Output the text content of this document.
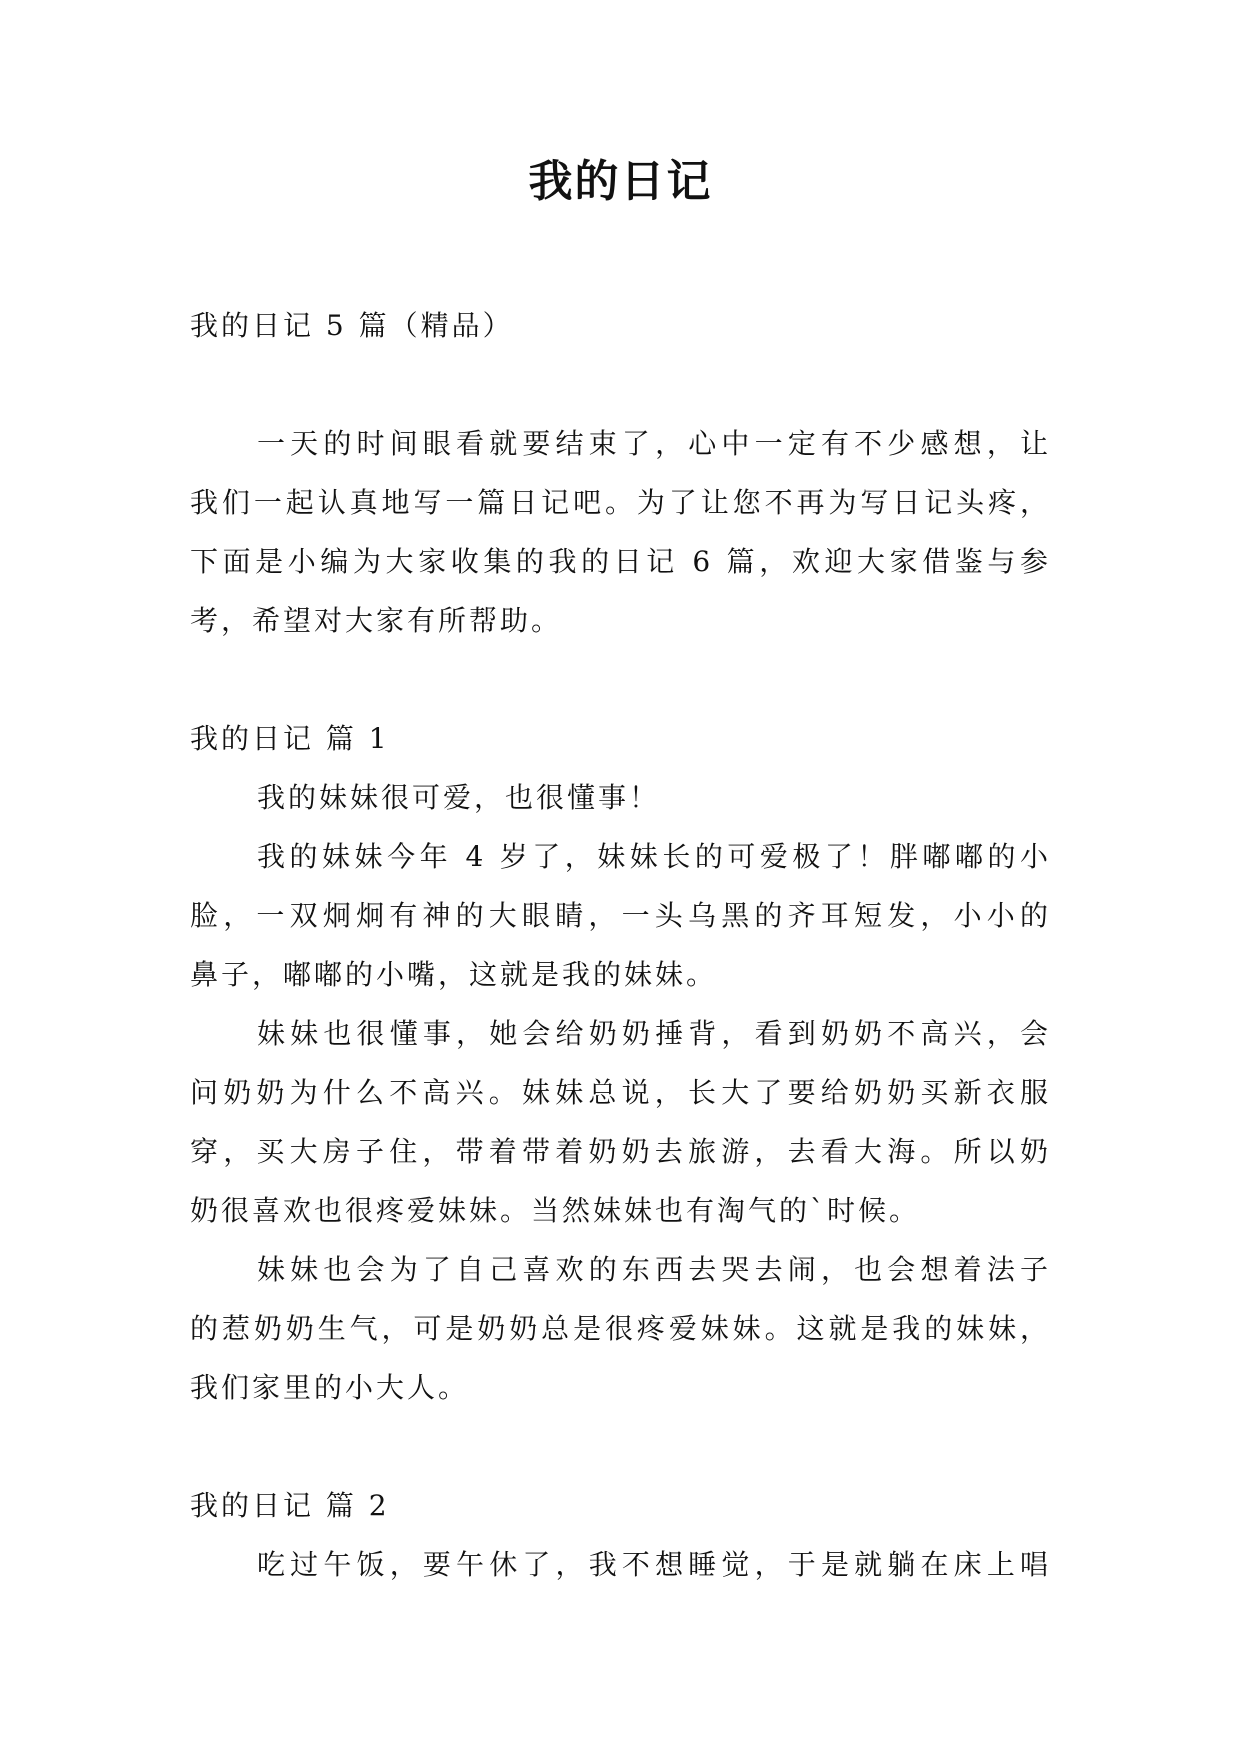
我的日记
我的日记 5 篇（精品）
一天的时间眼看就要结束了，心中一定有不少感想，让
我们一起认真地写一篇日记吧。为了让您不再为写日记头疼，
下面是小编为大家收集的我的日记 6 篇，欢迎大家借鉴与参
考，希望对大家有所帮助。
我的日记 篇 1
我的妹妹很可爱，也很懂事！
我的妹妹今年 4 岁了，妹妹长的可爱极了！胖嘟嘟的小
脸，一双炯炯有神的大眼睛，一头乌黑的齐耳短发，小小的
鼻子，嘟嘟的小嘴，这就是我的妹妹。
妹妹也很懂事，她会给奶奶捶背，看到奶奶不高兴，会
问奶奶为什么不高兴。妹妹总说，长大了要给奶奶买新衣服
穿，买大房子住，带着带着奶奶去旅游，去看大海。所以奶
奶很喜欢也很疼爱妹妹。当然妹妹也有淘气的`时候。
妹妹也会为了自己喜欢的东西去哭去闹，也会想着法子
的惹奶奶生气，可是奶奶总是很疼爱妹妹。这就是我的妹妹，
我们家里的小大人。
我的日记 篇 2
吃过午饭，要午休了，我不想睡觉，于是就躺在床上唱
